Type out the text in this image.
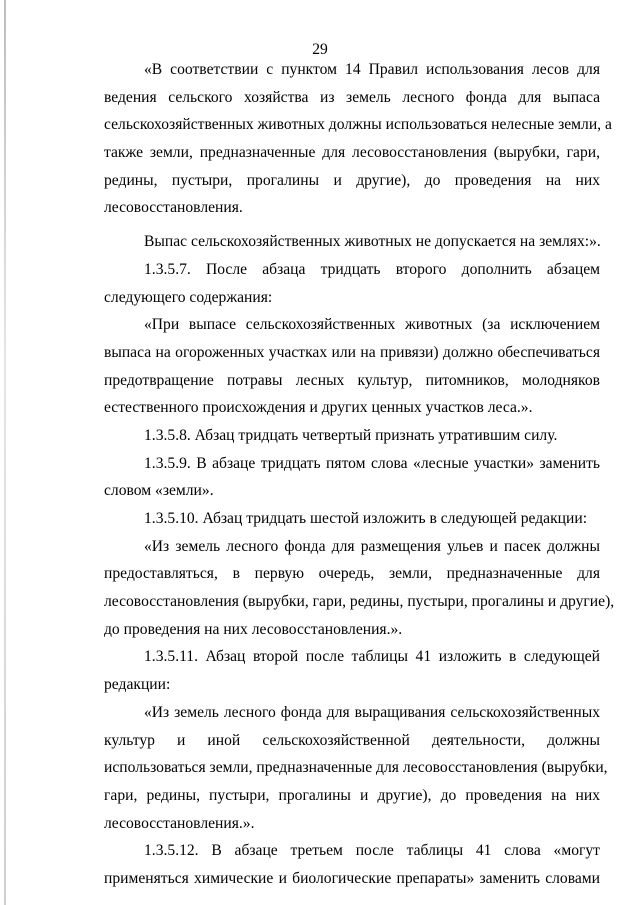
29
«В соответствии с пунктом 14 Правил использования лесов для
ведения сельского хозяйства из земель лесного фонда для выпаса
сельскохозяйственных животных должны использоваться нелесные земли, а
также земли, предназначенные для лесовосстановления (вырубки, гари,
редины, пустыри, прогалины и другие), до проведения на них
лесовосстановления.
Выпас сельскохозяйственных животных не допускается на землях:».
1.3.5.7. После абзаца тридцать второго дополнить абзацем
следующего содержания:
«При выпасе сельскохозяйственных животных (за исключением
выпаса на огороженных участках или на привязи) должно обеспечиваться
предотвращение потравы лесных культур, питомников, молодняков
естественного происхождения и других ценных участков леса.».
1.3.5.8. Абзац тридцать четвертый признать утратившим силу.
1.3.5.9. В абзаце тридцать пятом слова «лесные участки» заменить
словом «земли».
1.3.5.10. Абзац тридцать шестой изложить в следующей редакции:
«Из земель лесного фонда для размещения ульев и пасек должны
предоставляться, в первую очередь, земли, предназначенные для
лесовосстановления (вырубки, гари, редины, пустыри, прогалины и другие),
до проведения на них лесовосстановления.».
1.3.5.11. Абзац второй после таблицы 41 изложить в следующей
редакции:
«Из земель лесного фонда для выращивания сельскохозяйственных
культур и иной сельскохозяйственной деятельности, должны
использоваться земли, предназначенные для лесовосстановления (вырубки,
гари, редины, пустыри, прогалины и другие), до проведения на них
лесовосстановления.».
1.3.5.12. В абзаце третьем после таблицы 41 слова «могут
применяться химические и биологические препараты» заменить словами
